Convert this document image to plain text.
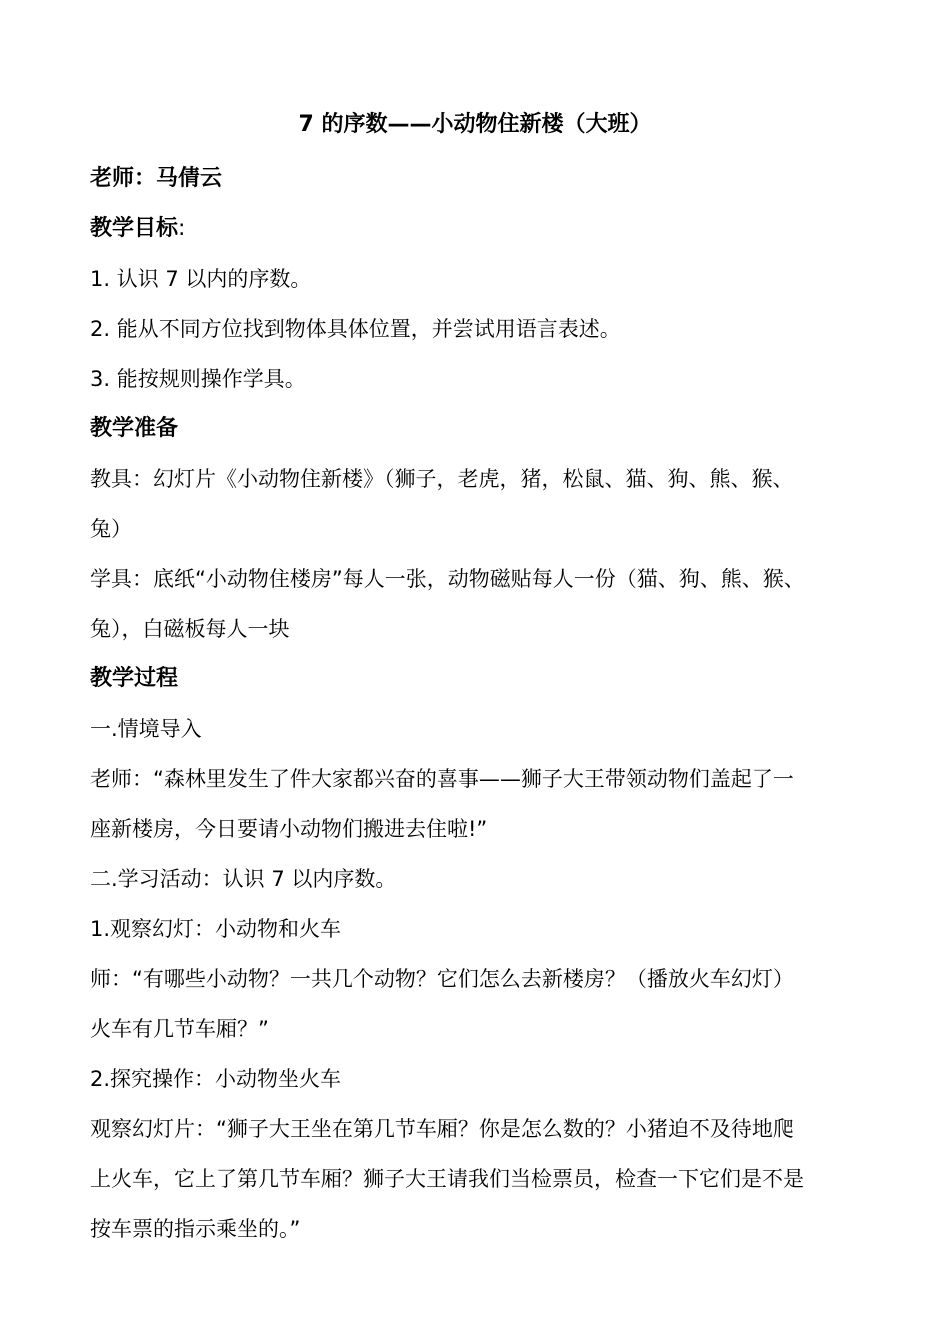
7 的序数——小动物住新楼（大班）
老师：马倩云
教学目标:
1. 认识 7 以内的序数。
2. 能从不同方位找到物体具体位置，并尝试用语言表述。
3. 能按规则操作学具。
教学准备
教具：幻灯片《小动物住新楼》（狮子，老虎，猪，松鼠、猫、狗、熊、猴、
兔）
学具：底纸“小动物住楼房”每人一张，动物磁贴每人一份（猫、狗、熊、猴、
兔），白磁板每人一块
教学过程
一.情境导入
老师：“森林里发生了件大家都兴奋的喜事——狮子大王带领动物们盖起了一
座新楼房，今日要请小动物们搬进去住啦!”
二.学习活动：认识 7 以内序数。
1.观察幻灯：小动物和火车
师：“有哪些小动物？一共几个动物？它们怎么去新楼房？（播放火车幻灯）
火车有几节车厢？”
2.探究操作：小动物坐火车
观察幻灯片：“狮子大王坐在第几节车厢？你是怎么数的？小猪迫不及待地爬
上火车，它上了第几节车厢？狮子大王请我们当检票员，检查一下它们是不是
按车票的指示乘坐的。”
